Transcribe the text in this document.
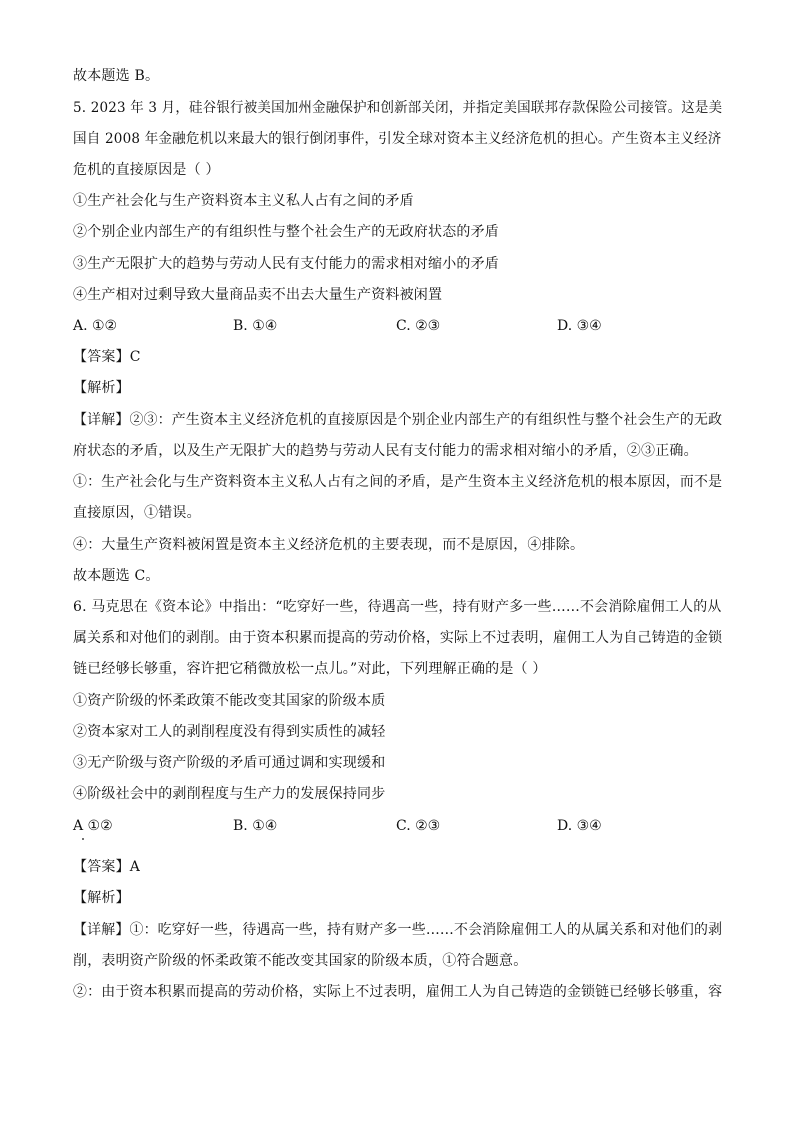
故本题选 B。
5. 2023 年 3 月，硅谷银行被美国加州金融保护和创新部关闭，并指定美国联邦存款保险公司接管。这是美
国自 2008 年金融危机以来最大的银行倒闭事件，引发全球对资本主义经济危机的担心。产生资本主义经济
危机的直接原因是（ ）
①生产社会化与生产资料资本主义私人占有之间的矛盾
②个别企业内部生产的有组织性与整个社会生产的无政府状态的矛盾
③生产无限扩大的趋势与劳动人民有支付能力的需求相对缩小的矛盾
④生产相对过剩导致大量商品卖不出去大量生产资料被闲置
A. ①②	B. ①④	C. ②③	D. ③④
【答案】C
【解析】
【详解】②③：产生资本主义经济危机的直接原因是个别企业内部生产的有组织性与整个社会生产的无政
府状态的矛盾，以及生产无限扩大的趋势与劳动人民有支付能力的需求相对缩小的矛盾，②③正确。
①：生产社会化与生产资料资本主义私人占有之间的矛盾，是产生资本主义经济危机的根本原因，而不是
直接原因，①错误。
④：大量生产资料被闲置是资本主义经济危机的主要表现，而不是原因，④排除。
故本题选 C。
6. 马克思在《资本论》中指出：“吃穿好一些，待遇高一些，持有财产多一些……不会消除雇佣工人的从
属关系和对他们的剥削。由于资本积累而提高的劳动价格，实际上不过表明，雇佣工人为自己铸造的金锁
链已经够长够重，容许把它稍微放松一点儿。”对此，下列理解正确的是（ ）
①资产阶级的怀柔政策不能改变其国家的阶级本质
②资本家对工人的剥削程度没有得到实质性的减轻
③无产阶级与资产阶级的矛盾可通过调和实现缓和
④阶级社会中的剥削程度与生产力的发展保持同步
A ①②	B. ①④	C. ②③	D. ③④
【答案】A
【解析】
【详解】①：吃穿好一些，待遇高一些，持有财产多一些……不会消除雇佣工人的从属关系和对他们的剥
削，表明资产阶级的怀柔政策不能改变其国家的阶级本质，①符合题意。
②：由于资本积累而提高的劳动价格，实际上不过表明，雇佣工人为自己铸造的金锁链已经够长够重，容
